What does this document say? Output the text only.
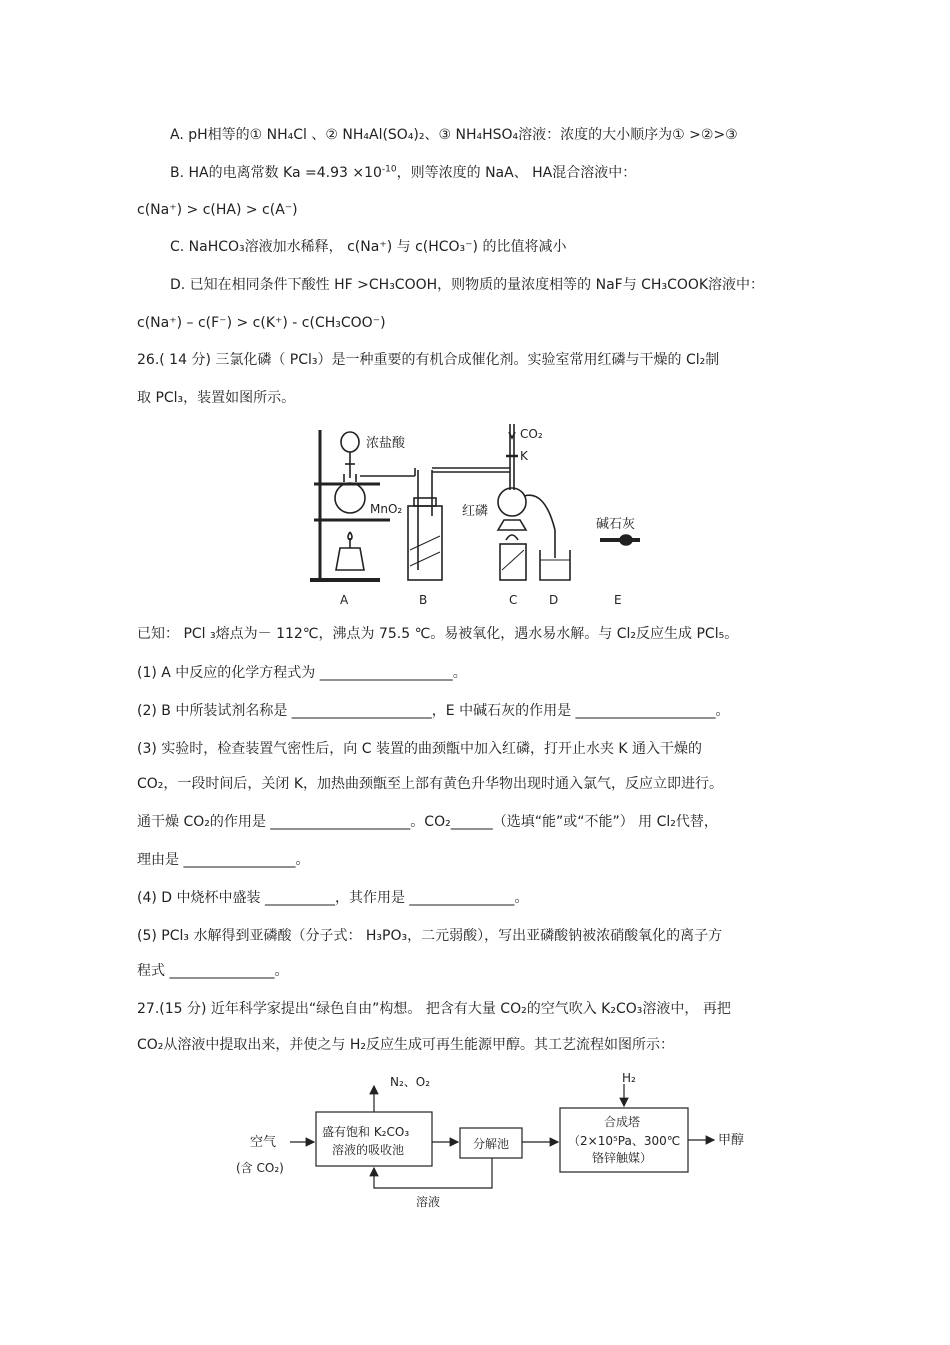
A. pH相等的① NH₄Cl 、② NH₄Al(SO₄)₂、③ NH₄HSO₄溶液：浓度的大小顺序为① >②>③
B. HA的电离常数 $Ka =4.93 \times 10^{-10}$，则等浓度的 NaA、 HA混合溶液中：
c(Na⁺) > c(HA) > c(A⁻)
C. NaHCO₃溶液加水稀释， c(Na⁺) 与 c(HCO₃⁻) 的比值将减小
D. 已知在相同条件下酸性 HF >CH₃COOH，则物质的量浓度相等的 NaF与 CH₃COOK溶液中：
c(Na⁺) – c(F⁻) > c(K⁺) - c(CH₃COO⁻)
26.( 14 分) 三氯化磷（ PCl₃）是一种重要的有机合成催化剂。实验室常用红磷与干燥的 Cl₂制
取 PCl₃，装置如图所示。
浓盐酸
MnO₂
CO₂
K
红磷
碱石灰
A	B	C	D	E
已知： PCl ₃熔点为－ 112℃，沸点为 75.5 ℃。易被氧化，遇水易水解。与 Cl₂反应生成 PCl₅。
(1) A 中反应的化学方程式为 ___________________。
(2) B 中所装试剂名称是 ____________________，E 中碱石灰的作用是 ____________________。
(3) 实验时，检查装置气密性后，向 C 装置的曲颈甑中加入红磷，打开止水夹 K 通入干燥的
CO₂，一段时间后，关闭 K，加热曲颈甑至上部有黄色升华物出现时通入氯气，反应立即进行。
通干燥 CO₂的作用是 ____________________。CO₂______（选填“能”或“不能”） 用 Cl₂代替，
理由是 ________________。
(4) D 中烧杯中盛装 __________，其作用是 _______________。
(5) PCl₃ 水解得到亚磷酸（分子式： H₃PO₃，二元弱酸），写出亚磷酸钠被浓硝酸氧化的离子方
程式 _______________。
27.(15 分) 近年科学家提出“绿色自由”构想。 把含有大量 CO₂的空气吹入 K₂CO₃溶液中， 再把
CO₂从溶液中提取出来，并使之与 H₂反应生成可再生能源甲醇。其工艺流程如图所示：
N₂、O₂	H₂
空气
(含 CO₂)
盛有饱和 K₂CO₃
溶液的吸收池	分解池
合成塔
（2×10⁵Pa、300℃
铬锌触媒）
甲醇
溶液
